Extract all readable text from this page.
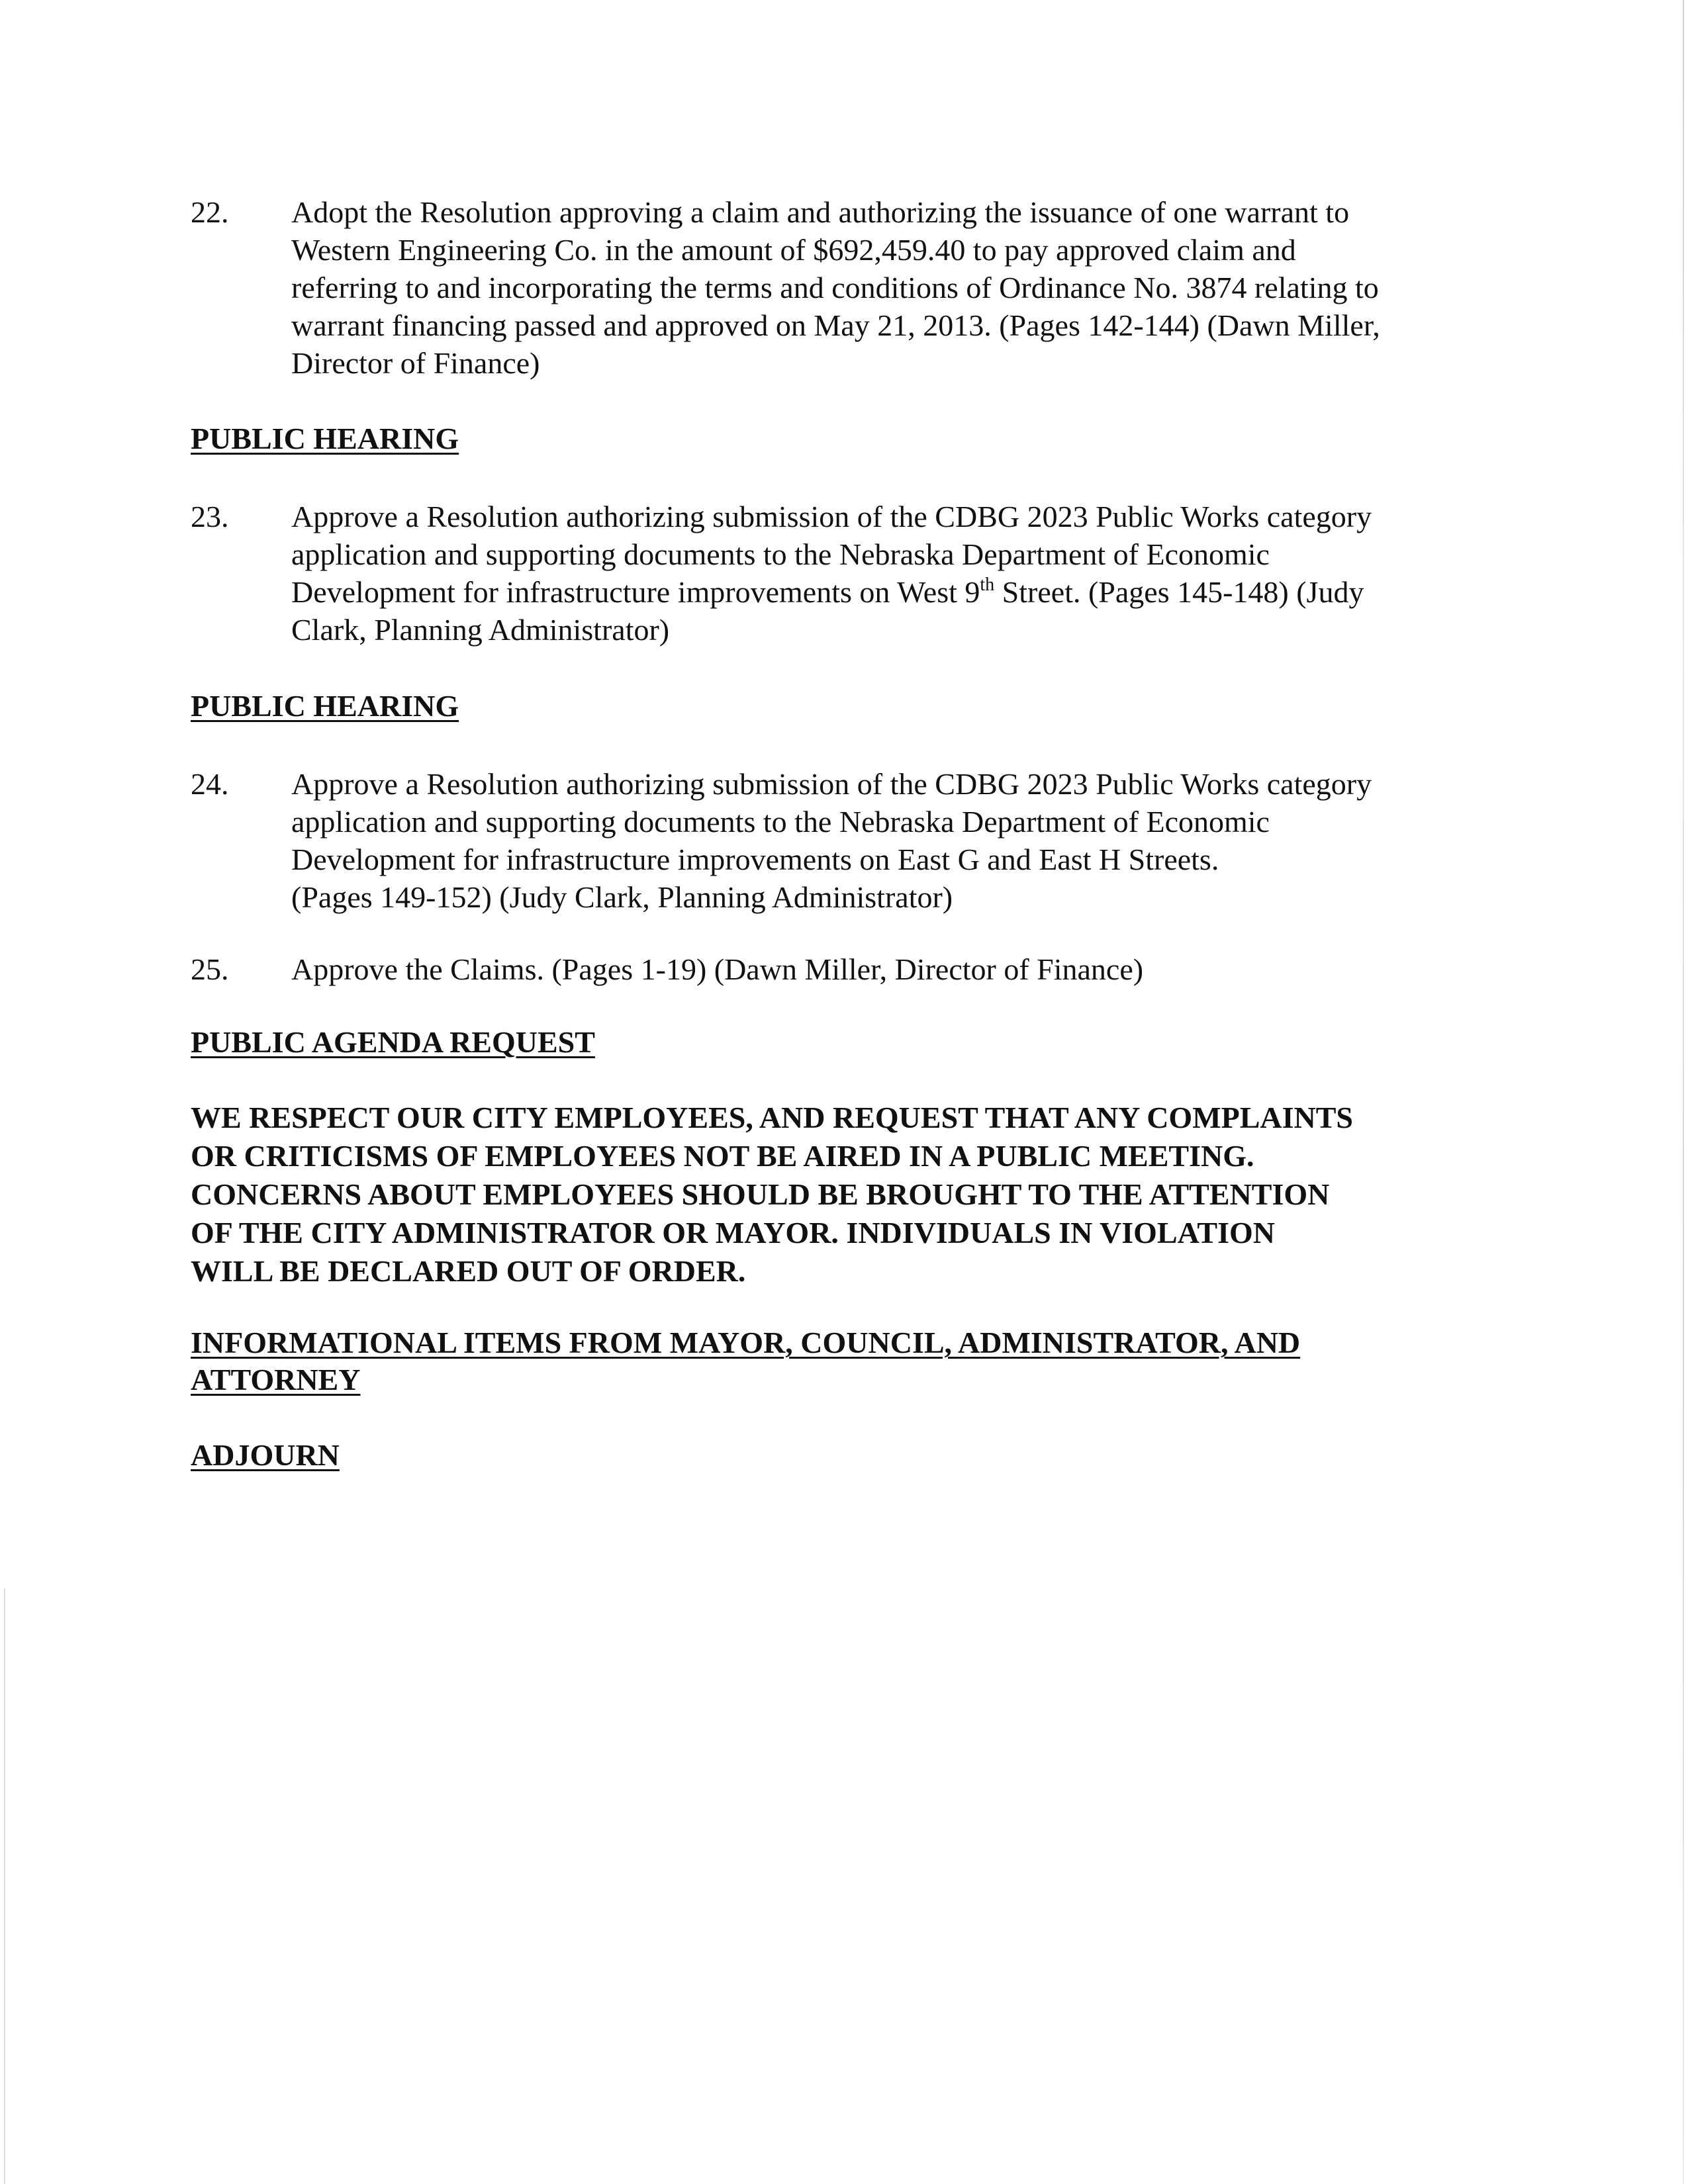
22.	Adopt the Resolution approving a claim and authorizing the issuance of one warrant to
Western Engineering Co. in the amount of $692,459.40 to pay approved claim and
referring to and incorporating the terms and conditions of Ordinance No. 3874 relating to
warrant financing passed and approved on May 21, 2013. (Pages 142-144) (Dawn Miller,
Director of Finance)
PUBLIC HEARING
23.	Approve a Resolution authorizing submission of the CDBG 2023 Public Works category
application and supporting documents to the Nebraska Department of Economic
Development for infrastructure improvements on West 9th Street. (Pages 145-148) (Judy
Clark, Planning Administrator)
PUBLIC HEARING
24.	Approve a Resolution authorizing submission of the CDBG 2023 Public Works category
application and supporting documents to the Nebraska Department of Economic
Development for infrastructure improvements on East G and East H Streets.
(Pages 149-152) (Judy Clark, Planning Administrator)
25.	Approve the Claims. (Pages 1-19) (Dawn Miller, Director of Finance)
PUBLIC AGENDA REQUEST
WE RESPECT OUR CITY EMPLOYEES, AND REQUEST THAT ANY COMPLAINTS
OR CRITICISMS OF EMPLOYEES NOT BE AIRED IN A PUBLIC MEETING.
CONCERNS ABOUT EMPLOYEES SHOULD BE BROUGHT TO THE ATTENTION
OF THE CITY ADMINISTRATOR OR MAYOR. INDIVIDUALS IN VIOLATION
WILL BE DECLARED OUT OF ORDER.
INFORMATIONAL ITEMS FROM MAYOR, COUNCIL, ADMINISTRATOR, AND
ATTORNEY
ADJOURN
